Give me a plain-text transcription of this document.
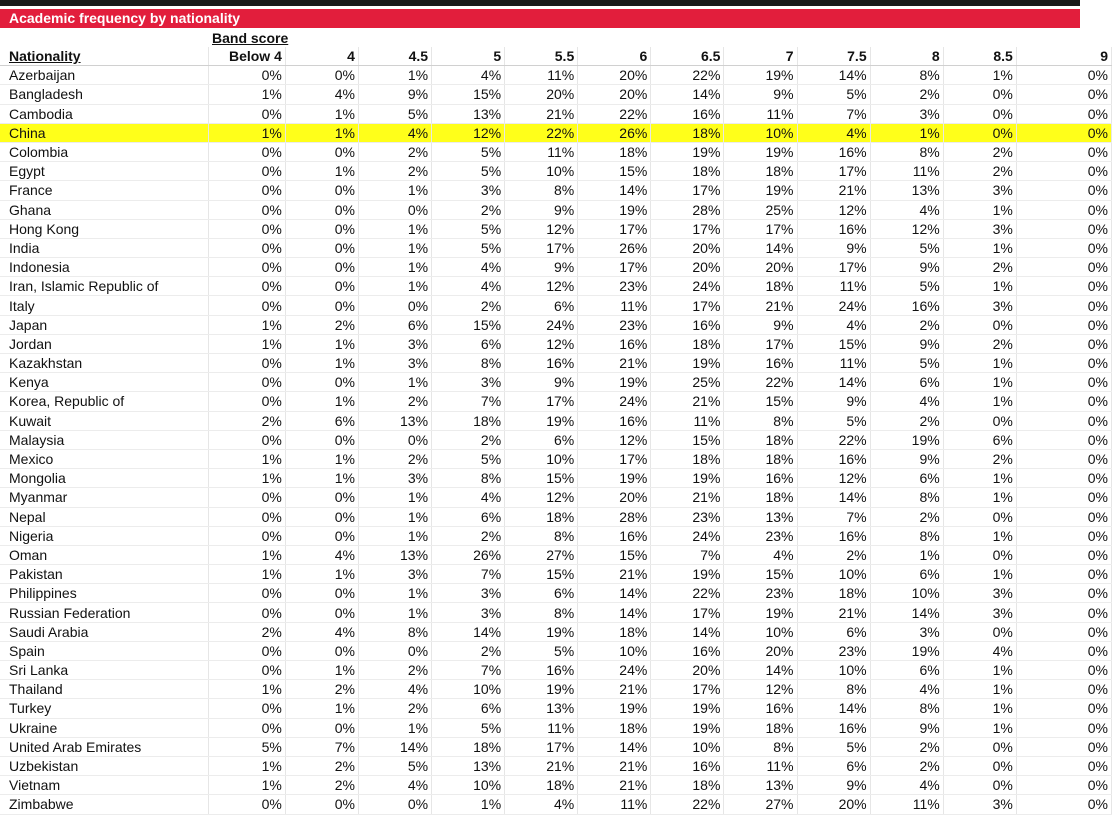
Academic frequency by nationality
Band score
Nationality	Below 4	4	4.5	5	5.5	6	6.5	7	7.5	8	8.5	9
Azerbaijan	0%	0%	1%	4%	11%	20%	22%	19%	14%	8%	1%	0%
Bangladesh	1%	4%	9%	15%	20%	20%	14%	9%	5%	2%	0%	0%
Cambodia	0%	1%	5%	13%	21%	22%	16%	11%	7%	3%	0%	0%
China	1%	1%	4%	12%	22%	26%	18%	10%	4%	1%	0%	0%
Colombia	0%	0%	2%	5%	11%	18%	19%	19%	16%	8%	2%	0%
Egypt	0%	1%	2%	5%	10%	15%	18%	18%	17%	11%	2%	0%
France	0%	0%	1%	3%	8%	14%	17%	19%	21%	13%	3%	0%
Ghana	0%	0%	0%	2%	9%	19%	28%	25%	12%	4%	1%	0%
Hong Kong	0%	0%	1%	5%	12%	17%	17%	17%	16%	12%	3%	0%
India	0%	0%	1%	5%	17%	26%	20%	14%	9%	5%	1%	0%
Indonesia	0%	0%	1%	4%	9%	17%	20%	20%	17%	9%	2%	0%
Iran, Islamic Republic of	0%	0%	1%	4%	12%	23%	24%	18%	11%	5%	1%	0%
Italy	0%	0%	0%	2%	6%	11%	17%	21%	24%	16%	3%	0%
Japan	1%	2%	6%	15%	24%	23%	16%	9%	4%	2%	0%	0%
Jordan	1%	1%	3%	6%	12%	16%	18%	17%	15%	9%	2%	0%
Kazakhstan	0%	1%	3%	8%	16%	21%	19%	16%	11%	5%	1%	0%
Kenya	0%	0%	1%	3%	9%	19%	25%	22%	14%	6%	1%	0%
Korea, Republic of	0%	1%	2%	7%	17%	24%	21%	15%	9%	4%	1%	0%
Kuwait	2%	6%	13%	18%	19%	16%	11%	8%	5%	2%	0%	0%
Malaysia	0%	0%	0%	2%	6%	12%	15%	18%	22%	19%	6%	0%
Mexico	1%	1%	2%	5%	10%	17%	18%	18%	16%	9%	2%	0%
Mongolia	1%	1%	3%	8%	15%	19%	19%	16%	12%	6%	1%	0%
Myanmar	0%	0%	1%	4%	12%	20%	21%	18%	14%	8%	1%	0%
Nepal	0%	0%	1%	6%	18%	28%	23%	13%	7%	2%	0%	0%
Nigeria	0%	0%	1%	2%	8%	16%	24%	23%	16%	8%	1%	0%
Oman	1%	4%	13%	26%	27%	15%	7%	4%	2%	1%	0%	0%
Pakistan	1%	1%	3%	7%	15%	21%	19%	15%	10%	6%	1%	0%
Philippines	0%	0%	1%	3%	6%	14%	22%	23%	18%	10%	3%	0%
Russian Federation	0%	0%	1%	3%	8%	14%	17%	19%	21%	14%	3%	0%
Saudi Arabia	2%	4%	8%	14%	19%	18%	14%	10%	6%	3%	0%	0%
Spain	0%	0%	0%	2%	5%	10%	16%	20%	23%	19%	4%	0%
Sri Lanka	0%	1%	2%	7%	16%	24%	20%	14%	10%	6%	1%	0%
Thailand	1%	2%	4%	10%	19%	21%	17%	12%	8%	4%	1%	0%
Turkey	0%	1%	2%	6%	13%	19%	19%	16%	14%	8%	1%	0%
Ukraine	0%	0%	1%	5%	11%	18%	19%	18%	16%	9%	1%	0%
United Arab Emirates	5%	7%	14%	18%	17%	14%	10%	8%	5%	2%	0%	0%
Uzbekistan	1%	2%	5%	13%	21%	21%	16%	11%	6%	2%	0%	0%
Vietnam	1%	2%	4%	10%	18%	21%	18%	13%	9%	4%	0%	0%
Zimbabwe	0%	0%	0%	1%	4%	11%	22%	27%	20%	11%	3%	0%
